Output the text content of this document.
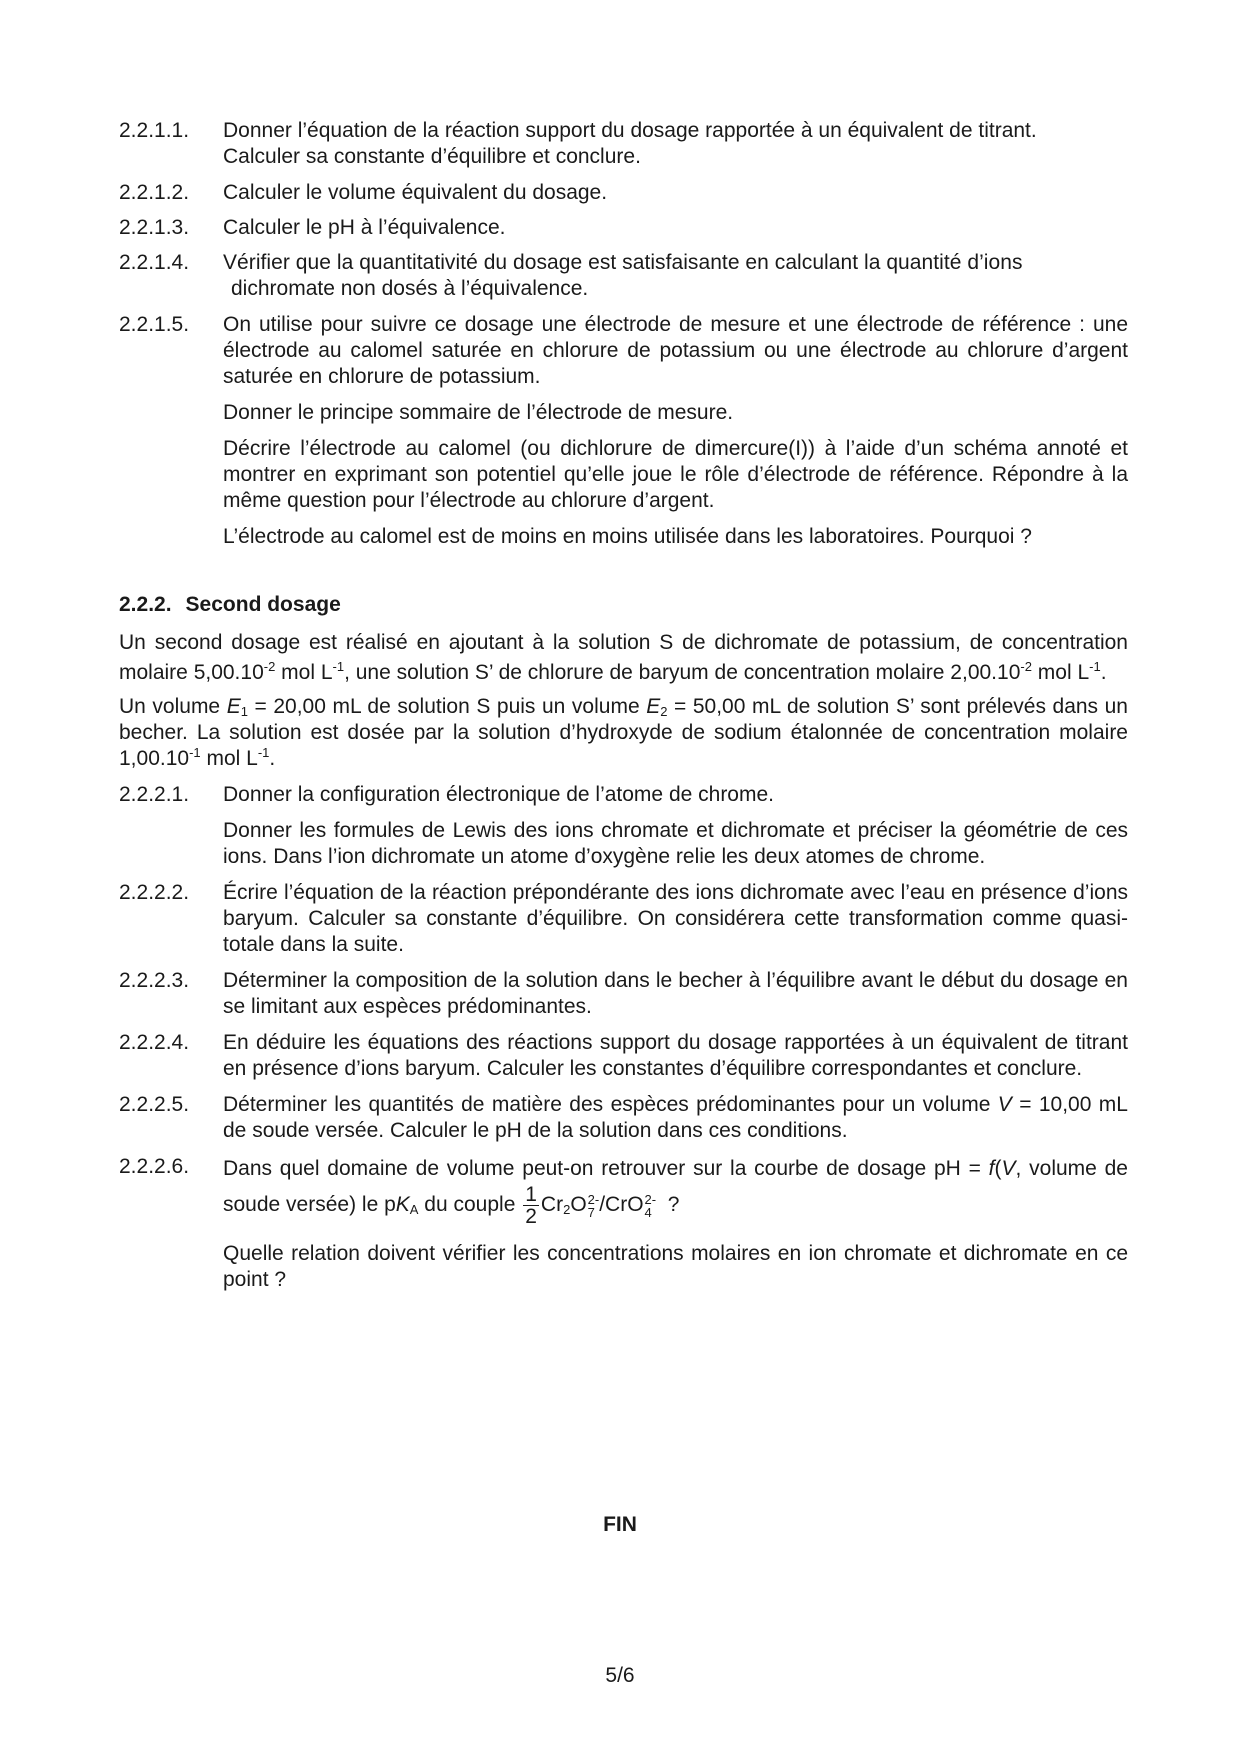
2.2.1.1.	Donner l’équation de la réaction support du dosage rapportée à un équivalent de titrant.
Calculer sa constante d’équilibre et conclure.
2.2.1.2.	Calculer le volume équivalent du dosage.
2.2.1.3.	Calculer le pH à l’équivalence.
2.2.1.4.	Vérifier que la quantitativité du dosage est satisfaisante en calculant la quantité d’ions
dichromate non dosés à l’équivalence.
2.2.1.5.	On utilise pour suivre ce dosage une électrode de mesure et une électrode de référence : une électrode au calomel saturée en chlorure de potassium ou une électrode au chlorure d’argent saturée en chlorure de potassium.
Donner le principe sommaire de l’électrode de mesure.
Décrire l’électrode au calomel (ou dichlorure de dimercure(I)) à l’aide d’un schéma annoté et montrer en exprimant son potentiel qu’elle joue le rôle d’électrode de référence. Répondre à la même question pour l’électrode au chlorure d’argent.
L’électrode au calomel est de moins en moins utilisée dans les laboratoires. Pourquoi ?
2.2.2. Second dosage
Un second dosage est réalisé en ajoutant à la solution S de dichromate de potassium, de concentration molaire $5,00.10^{-2}$ mol $L^{-1}$, une solution S’ de chlorure de baryum de concentration molaire $2,00.10^{-2}$ mol $L^{-1}$.
Un volume $E_1 = 20,00$ mL de solution S puis un volume $E_2 = 50,00$ mL de solution S’ sont prélevés dans un becher. La solution est dosée par la solution d’hydroxyde de sodium étalonnée de concentration molaire $1,00.10^{-1}$ mol $L^{-1}$.
2.2.2.1.	Donner la configuration électronique de l’atome de chrome.
Donner les formules de Lewis des ions chromate et dichromate et préciser la géométrie de ces ions. Dans l’ion dichromate un atome d’oxygène relie les deux atomes de chrome.
2.2.2.2.	Écrire l’équation de la réaction prépondérante des ions dichromate avec l’eau en présence d’ions baryum. Calculer sa constante d’équilibre. On considérera cette transformation comme quasi-totale dans la suite.
2.2.2.3.	Déterminer la composition de la solution dans le becher à l’équilibre avant le début du dosage en se limitant aux espèces prédominantes.
2.2.2.4.	En déduire les équations des réactions support du dosage rapportées à un équivalent de titrant en présence d’ions baryum. Calculer les constantes d’équilibre correspondantes et conclure.
2.2.2.5.	Déterminer les quantités de matière des espèces prédominantes pour un volume V = 10,00 mL de soude versée. Calculer le pH de la solution dans ces conditions.
2.2.2.6.	Dans quel domaine de volume peut-on retrouver sur la courbe de dosage pH = f(V, volume de soude versée) le $pK_A$ du couple $\frac{1}{2} Cr_2O$ 2-
7 /CrO 2-
4 ?
Quelle relation doivent vérifier les concentrations molaires en ion chromate et dichromate en ce point ?
FIN
5/6
